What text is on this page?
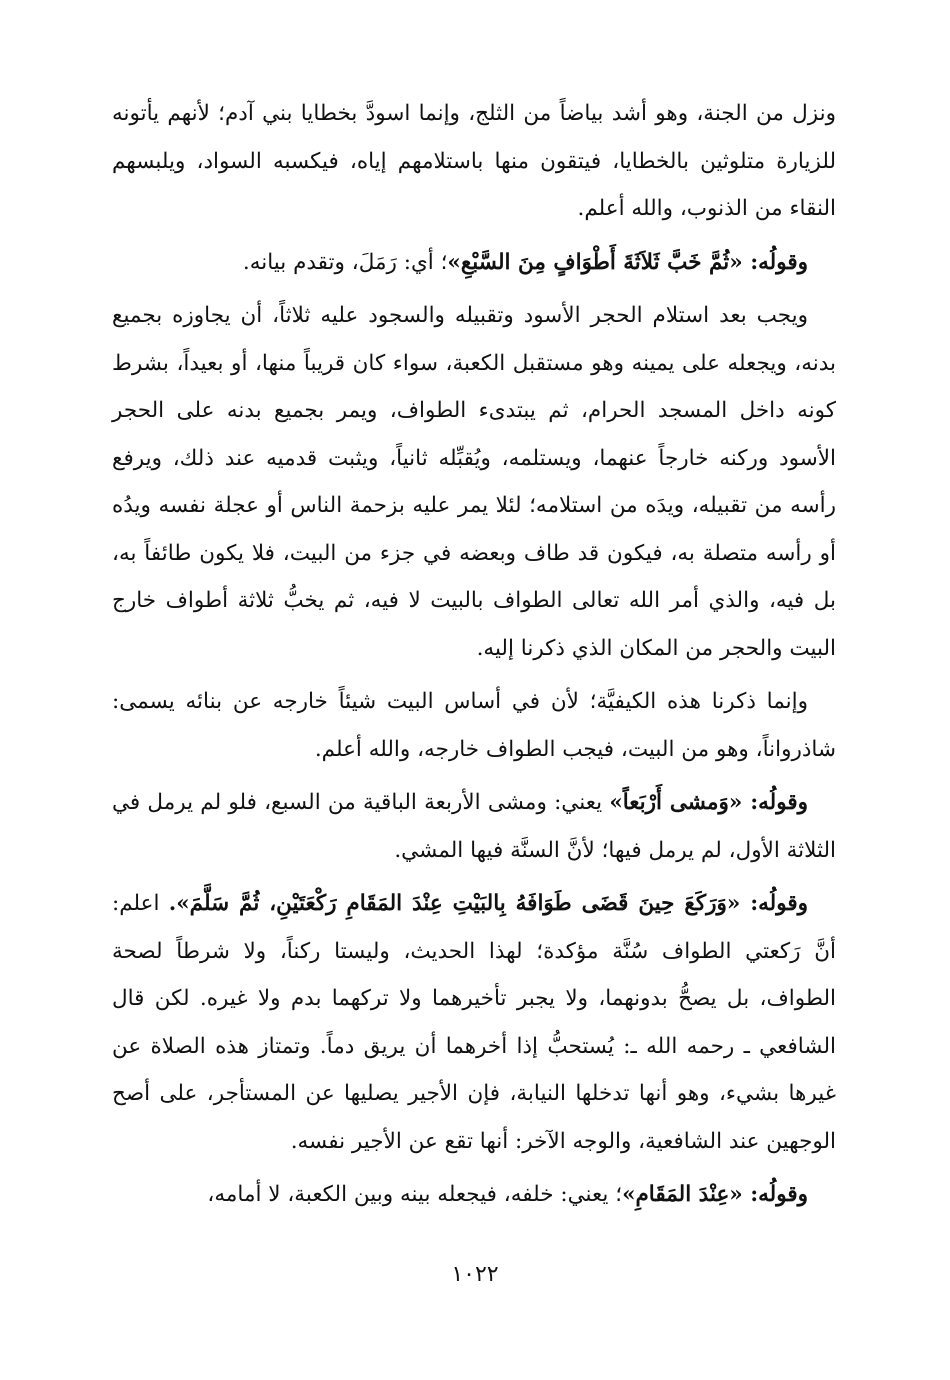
ونزل من الجنة، وهو أشد بياضاً من الثلج، وإنما اسودَّ بخطايا بني آدم؛ لأنهم يأتونه للزيارة متلوثين بالخطايا، فيتقون منها باستلامهم إياه، فيكسبه السواد، ويلبسهم النقاء من الذنوب، والله أعلم.

وقولُه: «ثُمَّ خَبَّ ثَلاَثَةَ أَطْوَافٍ مِنَ السَّبْعِ»؛ أي: رَمَلَ، وتقدم بيانه.

ويجب بعد استلام الحجر الأسود وتقبيله والسجود عليه ثلاثاً، أن يجاوزه بجميع بدنه، ويجعله على يمينه وهو مستقبل الكعبة، سواء كان قريباً منها، أو بعيداً، بشرط كونه داخل المسجد الحرام، ثم يبتدىء الطواف، ويمر بجميع بدنه على الحجر الأسود وركنه خارجاً عنهما، ويستلمه، ويُقبِّله ثانياً، ويثبت قدميه عند ذلك، ويرفع رأسه من تقبيله، ويدَه من استلامه؛ لئلا يمر عليه بزحمة الناس أو عجلة نفسه ويدُه أو رأسه متصلة به، فيكون قد طاف وبعضه في جزء من البيت، فلا يكون طائفاً به، بل فيه، والذي أمر الله تعالى الطواف بالبيت لا فيه، ثم يخبُّ ثلاثة أطواف خارج البيت والحجر من المكان الذي ذكرنا إليه.

وإنما ذكرنا هذه الكيفيَّة؛ لأن في أساس البيت شيئاً خارجه عن بنائه يسمى: شاذرواناً، وهو من البيت، فيجب الطواف خارجه، والله أعلم.

وقولُه: «وَمشى أَرْبَعاً» يعني: ومشى الأربعة الباقية من السبع، فلو لم يرمل في الثلاثة الأول، لم يرمل فيها؛ لأنَّ السنَّة فيها المشي.

وقولُه: «وَرَكَعَ حِينَ قَضَى طَوَافَهُ بِالبَيْتِ عِنْدَ المَقَامِ رَكْعَتَيْنِ، ثُمَّ سَلَّمَ». اعلم: أنَّ رَكعتي الطواف سُنَّة مؤكدة؛ لهذا الحديث، وليستا ركناً، ولا شرطاً لصحة الطواف، بل يصحُّ بدونهما، ولا يجبر تأخيرهما ولا تركهما بدم ولا غيره. لكن قال الشافعي ـ رحمه الله ـ: يُستحبُّ إذا أخرهما أن يريق دماً. وتمتاز هذه الصلاة عن غيرها بشيء، وهو أنها تدخلها النيابة، فإن الأجير يصليها عن المستأجر، على أصح الوجهين عند الشافعية، والوجه الآخر: أنها تقع عن الأجير نفسه.

وقولُه: «عِنْدَ المَقَامِ»؛ يعني: خلفه، فيجعله بينه وبين الكعبة، لا أمامه،

١٠٢٢
